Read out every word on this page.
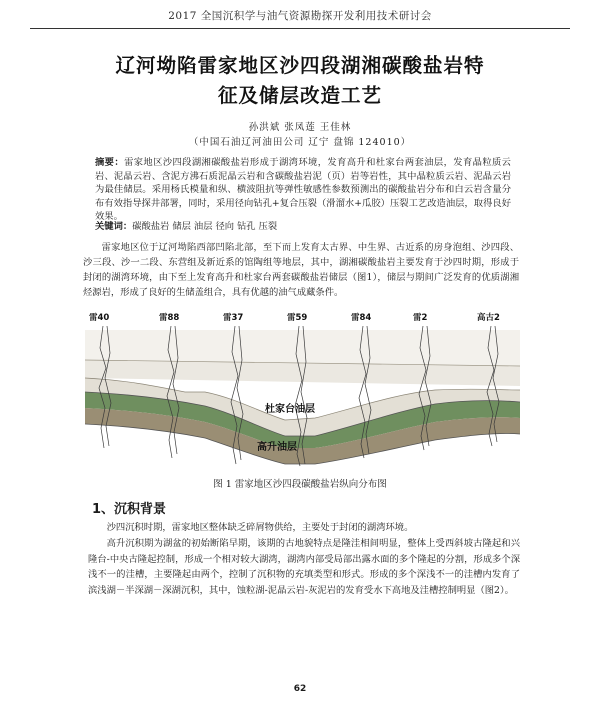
2017 全国沉积学与油气资源勘探开发利用技术研讨会
辽河坳陷雷家地区沙四段湖湘碳酸盐岩特
征及储层改造工艺
孙洪斌 张凤莲 王佳林
（中国石油辽河油田公司 辽宁 盘锦 124010）

摘要：雷家地区沙四段湖湘碳酸盐岩形成于湖湾环境，发育高升和杜家台两套油层，发育晶粒质云岩、泥晶云岩、含泥方沸石质泥晶云岩和含碳酸盐岩泥（页）岩等岩性，其中晶粒质云岩、泥晶云岩为最佳储层。采用杨氏模量和纵、横波阻抗等弹性敏感性参数预测出的碳酸盐岩分布和白云岩含量分布有效指导探井部署，同时，采用径向钻孔+复合压裂（滑溜水+瓜胶）压裂工艺改造油层，取得良好效果。

关键词：碳酸盐岩 储层 油层 径向 钻孔 压裂

雷家地区位于辽河坳陷西部凹陷北部，至下而上发育太古界、中生界、古近系的房身泡组、沙四段、沙三段、沙一二段、东营组及新近系的馆陶组等地层，其中，湖湘碳酸盐岩主要发育于沙四时期，形成于封闭的湖湾环境，由下至上发育高升和杜家台两套碳酸盐岩储层（图1），储层与期间广泛发育的优质湖湘烃源岩，形成了良好的生储盖组合，具有优越的油气成藏条件。

雷40	雷88	雷37	雷59	雷84	雷2	高古2
杜家台油层
高升油层
图 1 雷家地区沙四段碳酸盐岩纵向分布图
1、沉积背景

沙四沉积时期，雷家地区整体缺乏碎屑物供给，主要处于封闭的湖湾环境。

高升沉积期为湖盆的初始断陷早期，该期的古地貌特点是隆洼相间明显，整体上受西斜坡古隆起和兴隆台-中央古隆起控制，形成一个相对较大湖湾，湖湾内部受局部出露水面的多个隆起的分割，形成多个深浅不一的洼槽，主要隆起由两个，控制了沉积物的充填类型和形式。形成的多个深浅不一的洼槽内发育了滨浅湖－半深湖－深湖沉积，其中，蚀粒湖-泥晶云岩-灰泥岩的发育受水下高地及洼槽控制明显（图2）。

62
